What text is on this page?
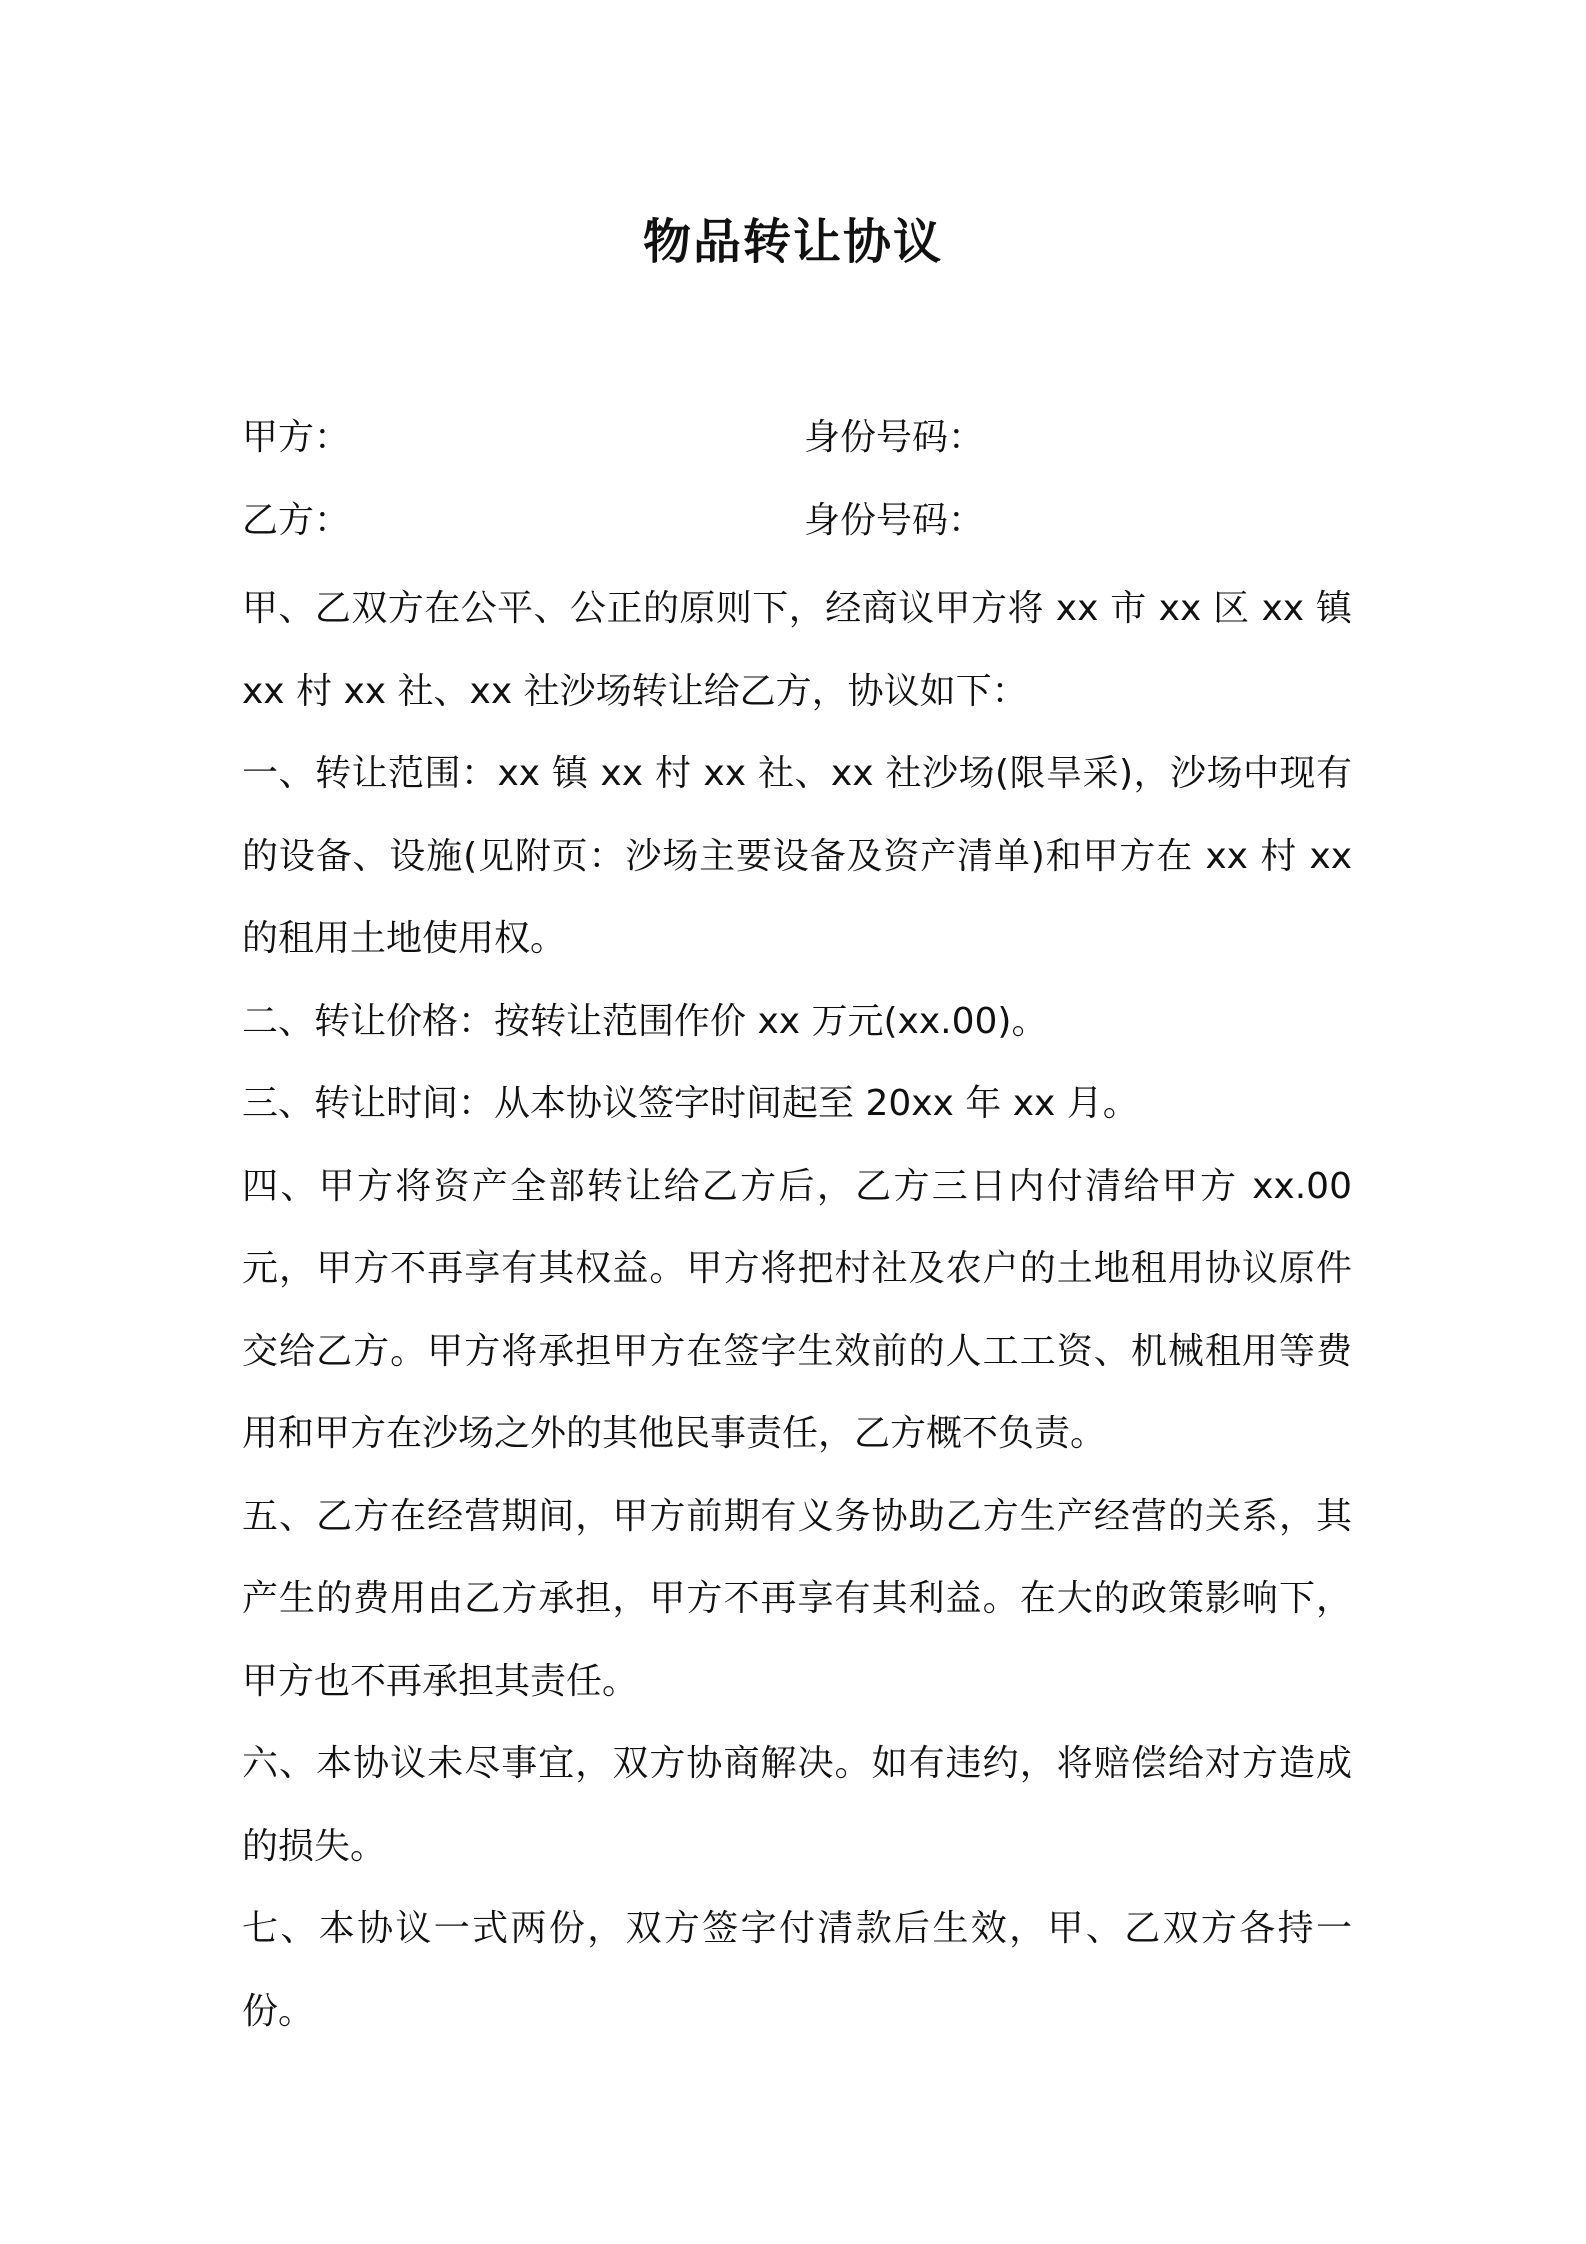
物品转让协议
甲方：	身份号码：
乙方：	身份号码：

甲、乙双方在公平、公正的原则下，经商议甲方将 xx 市 xx 区 xx 镇 xx 村 xx 社、xx 社沙场转让给乙方，协议如下：

一、转让范围：xx 镇 xx 村 xx 社、xx 社沙场(限旱采)，沙场中现有的设备、设施(见附页：沙场主要设备及资产清单)和甲方在 xx 村 xx 的租用土地使用权。

二、转让价格：按转让范围作价 xx 万元(xx.00)。

三、转让时间：从本协议签字时间起至 20xx 年 xx 月。

四、甲方将资产全部转让给乙方后，乙方三日内付清给甲方 xx.00 元，甲方不再享有其权益。甲方将把村社及农户的土地租用协议原件交给乙方。甲方将承担甲方在签字生效前的人工工资、机械租用等费用和甲方在沙场之外的其他民事责任，乙方概不负责。

五、乙方在经营期间，甲方前期有义务协助乙方生产经营的关系，其产生的费用由乙方承担，甲方不再享有其利益。在大的政策影响下，甲方也不再承担其责任。

六、本协议未尽事宜，双方协商解决。如有违约，将赔偿给对方造成的损失。

七、本协议一式两份，双方签字付清款后生效，甲、乙双方各持一份。
